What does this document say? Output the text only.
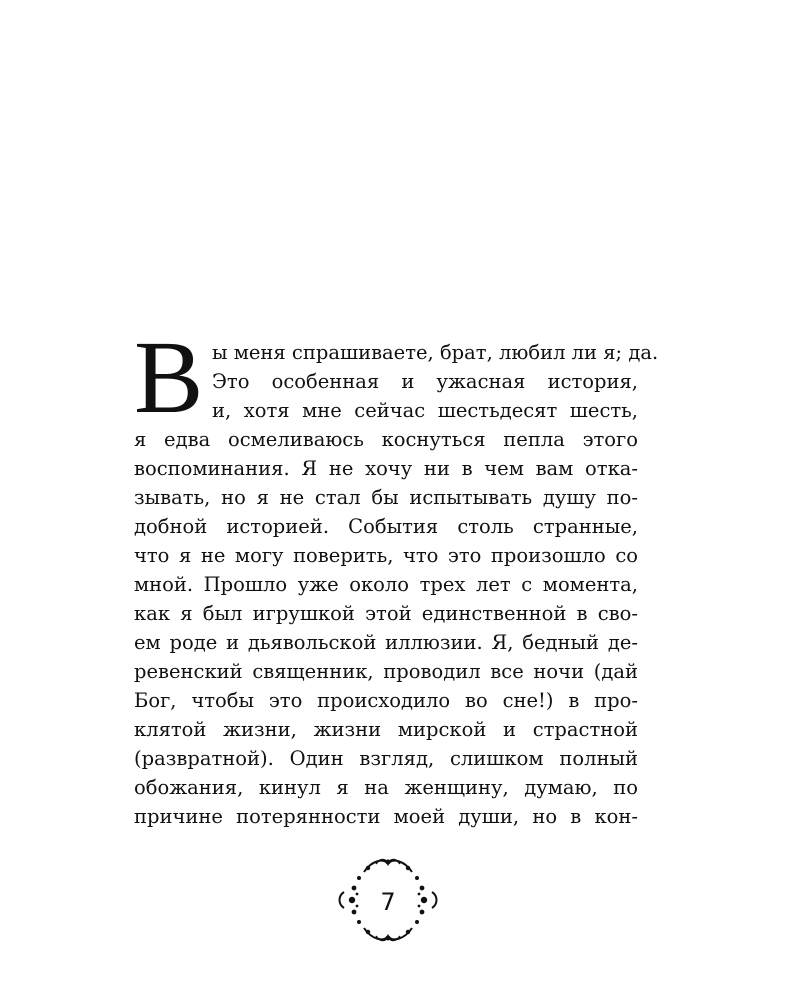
В ы меня спрашиваете, брат, любил ли я; да.
Это особенная и ужасная история,
и, хотя мне сейчас шестьдесят шесть,
я едва осмеливаюсь коснуться пепла этого
воспоминания. Я не хочу ни в чем вам отка-
зывать, но я не стал бы испытывать душу по-
добной историей. События столь странные,
что я не могу поверить, что это произошло со
мной. Прошло уже около трех лет с момента,
как я был игрушкой этой единственной в сво-
ем роде и дьявольской иллюзии. Я, бедный де-
ревенский священник, проводил все ночи (дай
Бог, чтобы это происходило во сне!) в про-
клятой жизни, жизни мирской и страстной
(развратной). Один взгляд, слишком полный
обожания, кинул я на женщину, думаю, по
причине потерянности моей души, но в кон-
7
